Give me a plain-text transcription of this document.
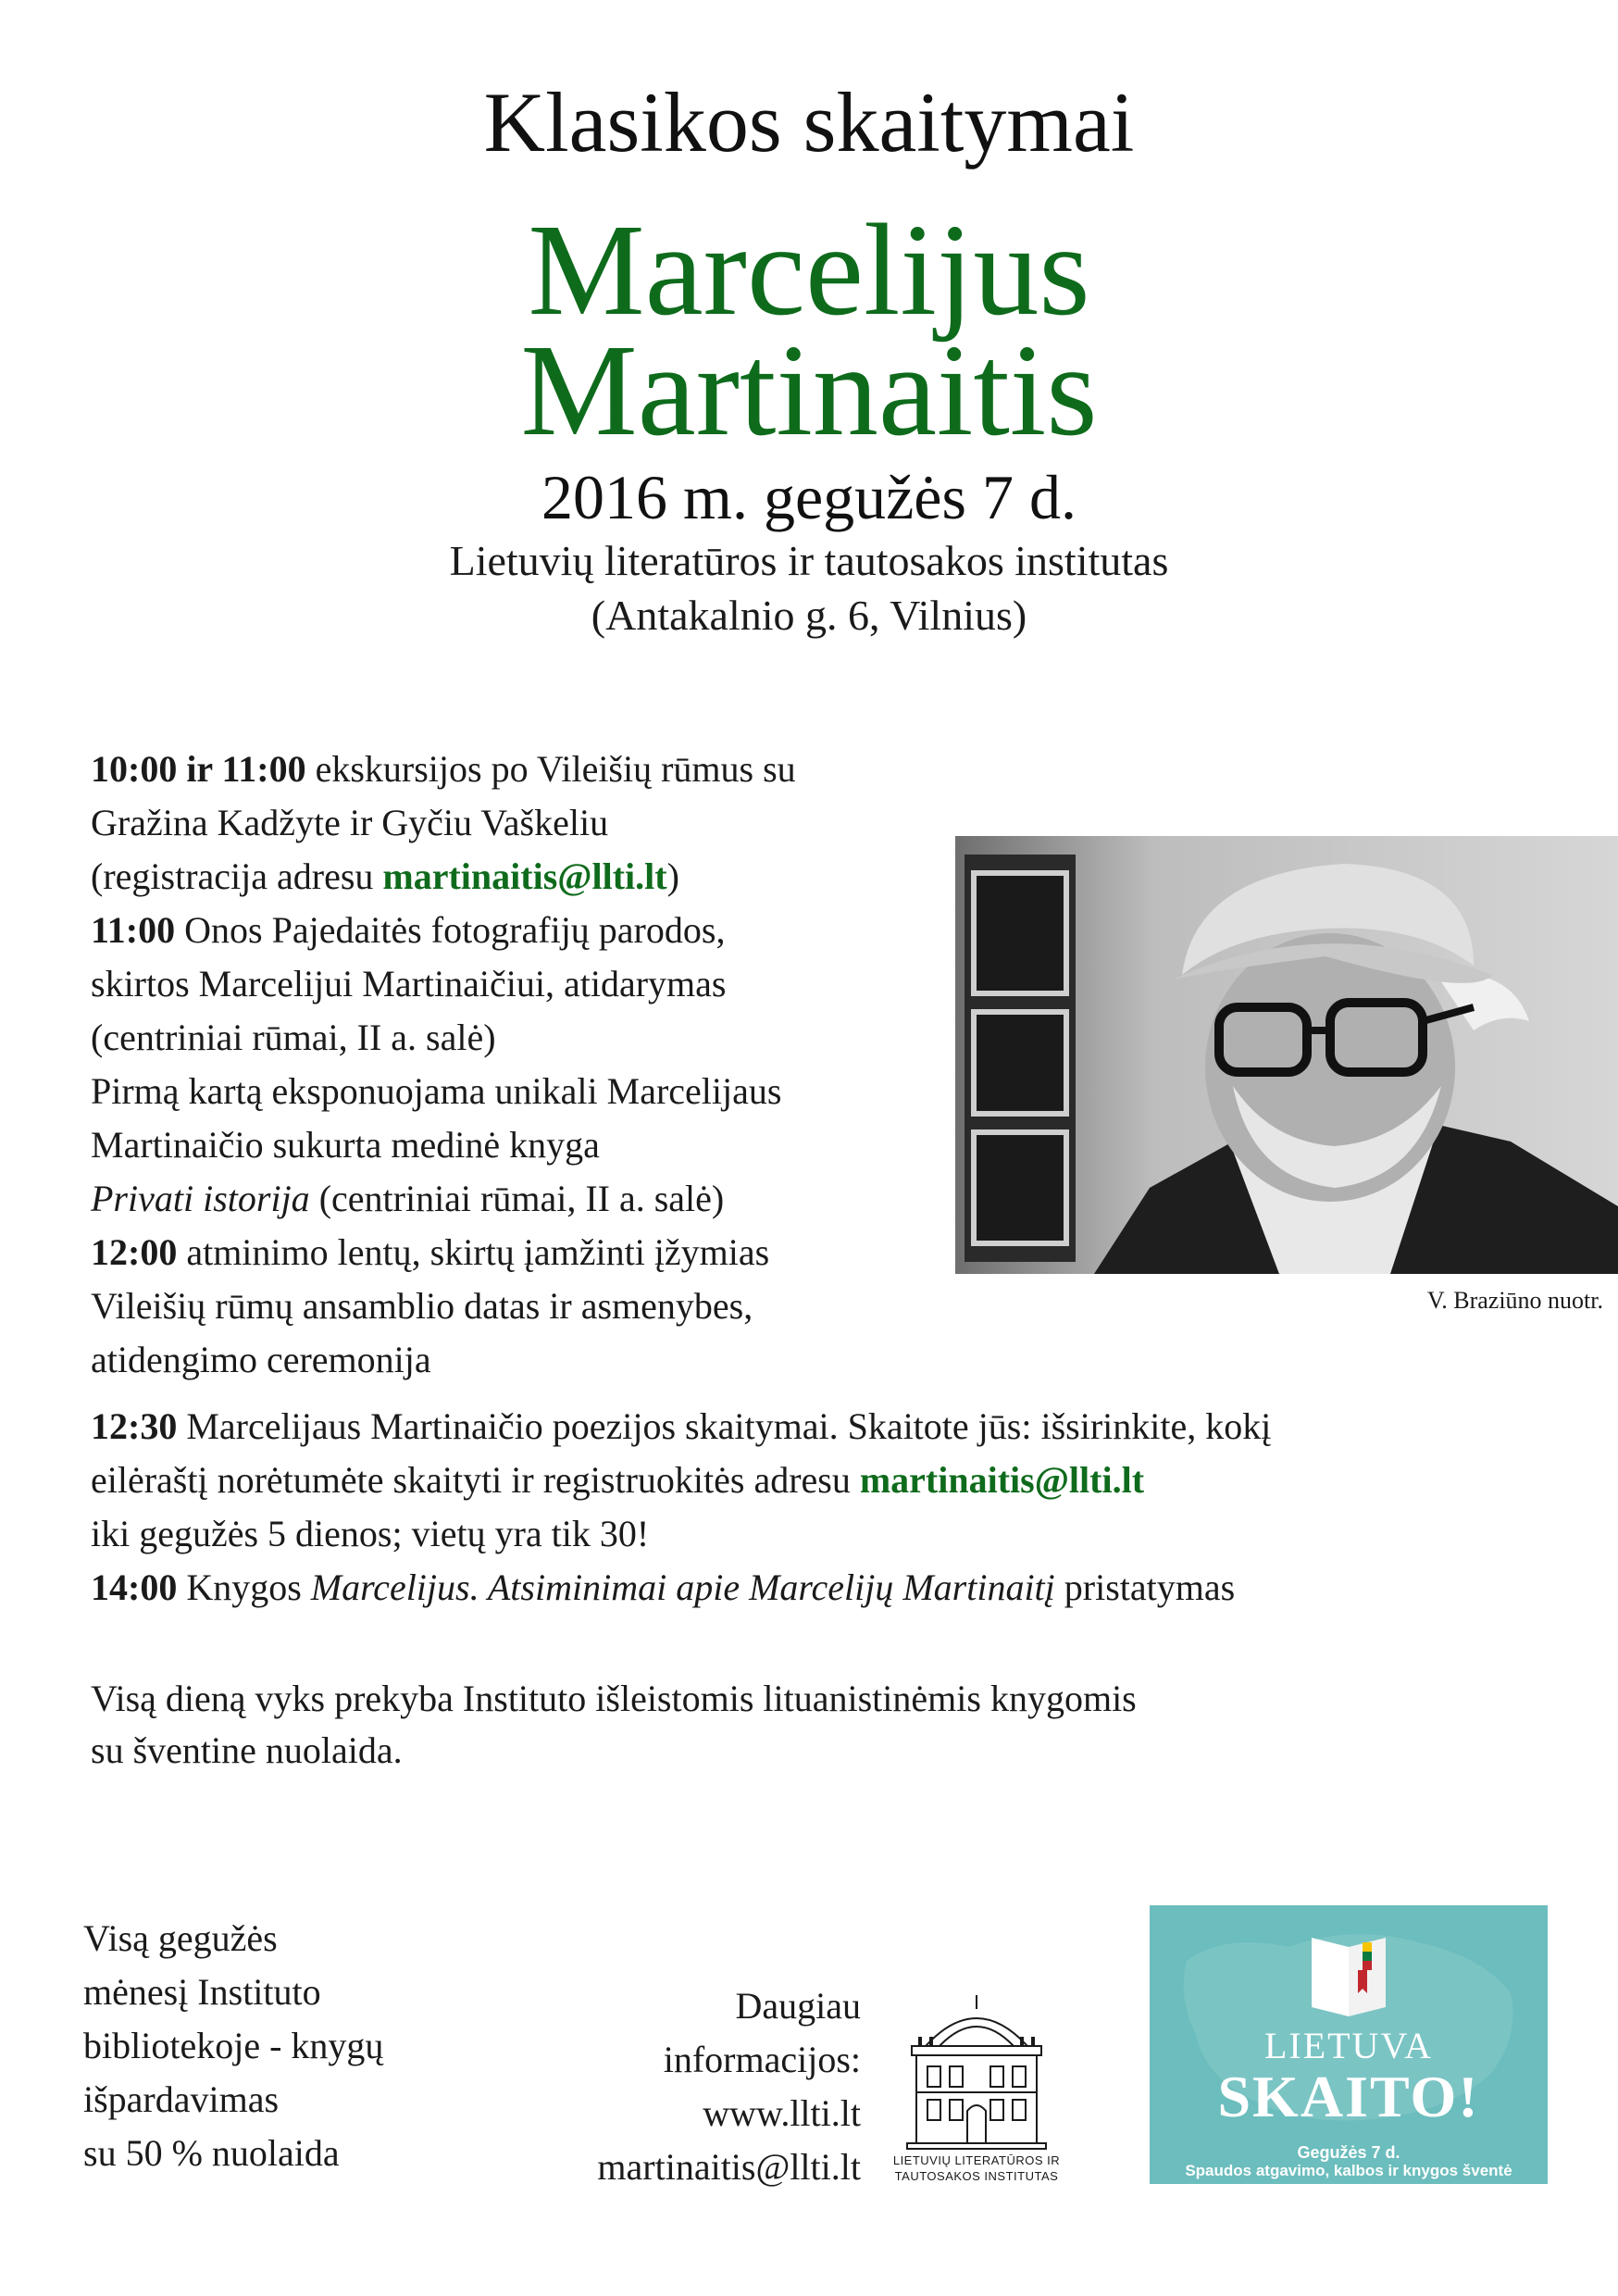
Klasikos skaitymai
Marcelijus
Martinaitis
2016 m. gegužės 7 d.
Lietuvių literatūros ir tautosakos institutas
(Antakalnio g. 6, Vilnius)
10:00 ir 11:00 ekskursijos po Vileišių rūmus su
Gražina Kadžyte ir Gyčiu Vaškeliu
(registracija adresu martinaitis@llti.lt)
11:00 Onos Pajedaitės fotografijų parodos,
skirtos Marcelijui Martinaičiui, atidarymas
(centriniai rūmai, II a. salė)
Pirmą kartą eksponuojama unikali Marcelijaus
Martinaičio sukurta medinė knyga
Privati istorija (centriniai rūmai, II a. salė)
12:00 atminimo lentų, skirtų įamžinti įžymias
Vileišių rūmų ansamblio datas ir asmenybes,
atidengimo ceremonija
V. Braziūno nuotr.
12:30 Marcelijaus Martinaičio poezijos skaitymai. Skaitote jūs: išsirinkite, kokį
eilėraštį norėtumėte skaityti ir registruokitės adresu martinaitis@llti.lt
iki gegužės 5 dienos; vietų yra tik 30!
14:00 Knygos Marcelijus. Atsiminimai apie Marcelijų Martinaitį pristatymas
Visą dieną vyks prekyba Instituto išleistomis lituanistinėmis knygomis
su šventine nuolaida.
Visą gegužės
mėnesį Instituto
bibliotekoje - knygų
išpardavimas
su 50 % nuolaida
Daugiau
informacijos:
www.llti.lt
martinaitis@llti.lt	LIETUVIŲ LITERATŪROS IR
TAUTOSAKOS INSTITUTAS
LIETUVA
SKAITO!
Gegužės 7 d.
Spaudos atgavimo, kalbos ir knygos šventė
